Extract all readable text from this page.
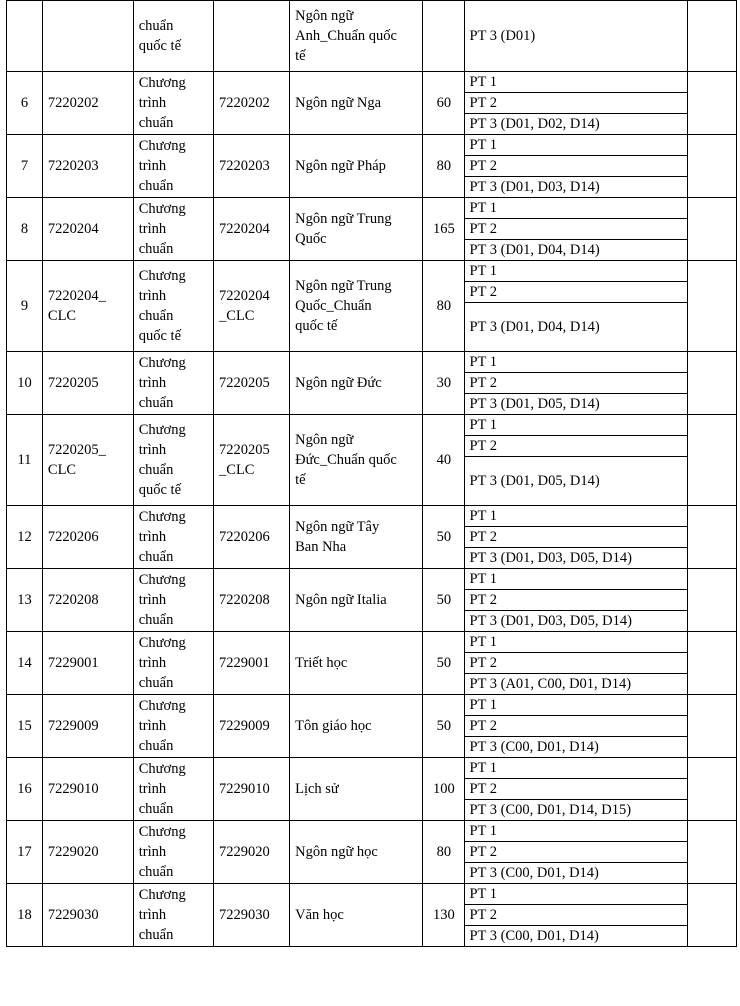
		chuẩn
quốc tế		Ngôn ngữ
Anh_Chuẩn quốc
tế		PT 3 (D01)	
6	7220202	Chương
trình
chuẩn	7220202	Ngôn ngữ Nga	60	PT 1	
						PT 2	
						PT 3 (D01, D02, D14)	
7	7220203	Chương
trình
chuẩn	7220203	Ngôn ngữ Pháp	80	PT 1	
						PT 2	
						PT 3 (D01, D03, D14)	
8	7220204	Chương
trình
chuẩn	7220204	Ngôn ngữ Trung
Quốc	165	PT 1	
						PT 2	
						PT 3 (D01, D04, D14)	
9	7220204_ CLC	Chương
trình
chuẩn
quốc tế	7220204 _CLC	Ngôn ngữ Trung
Quốc_Chuẩn
quốc tế	80	PT 1	
						PT 2	
						PT 3 (D01, D04, D14)	
10	7220205	Chương
trình
chuẩn	7220205	Ngôn ngữ Đức	30	PT 1	
						PT 2	
						PT 3 (D01, D05, D14)	
11	7220205_ CLC	Chương
trình
chuẩn
quốc tế	7220205 _CLC	Ngôn ngữ
Đức_Chuẩn quốc
tế	40	PT 1	
						PT 2	
						PT 3 (D01, D05, D14)	
12	7220206	Chương
trình
chuẩn	7220206	Ngôn ngữ Tây
Ban Nha	50	PT 1	
						PT 2	
						PT 3 (D01, D03, D05, D14)	
13	7220208	Chương
trình
chuẩn	7220208	Ngôn ngữ Italia	50	PT 1	
						PT 2	
						PT 3 (D01, D03, D05, D14)	
14	7229001	Chương
trình
chuẩn	7229001	Triết học	50	PT 1	
						PT 2	
						PT 3 (A01, C00, D01, D14)	
15	7229009	Chương
trình
chuẩn	7229009	Tôn giáo học	50	PT 1	
						PT 2	
						PT 3 (C00, D01, D14)	
16	7229010	Chương
trình
chuẩn	7229010	Lịch sử	100	PT 1	
						PT 2	
						PT 3 (C00, D01, D14, D15)	
17	7229020	Chương
trình
chuẩn	7229020	Ngôn ngữ học	80	PT 1	
						PT 2	
						PT 3 (C00, D01, D14)	
18	7229030	Chương
trình
chuẩn	7229030	Văn học	130	PT 1	
						PT 2	
						PT 3 (C00, D01, D14)	
